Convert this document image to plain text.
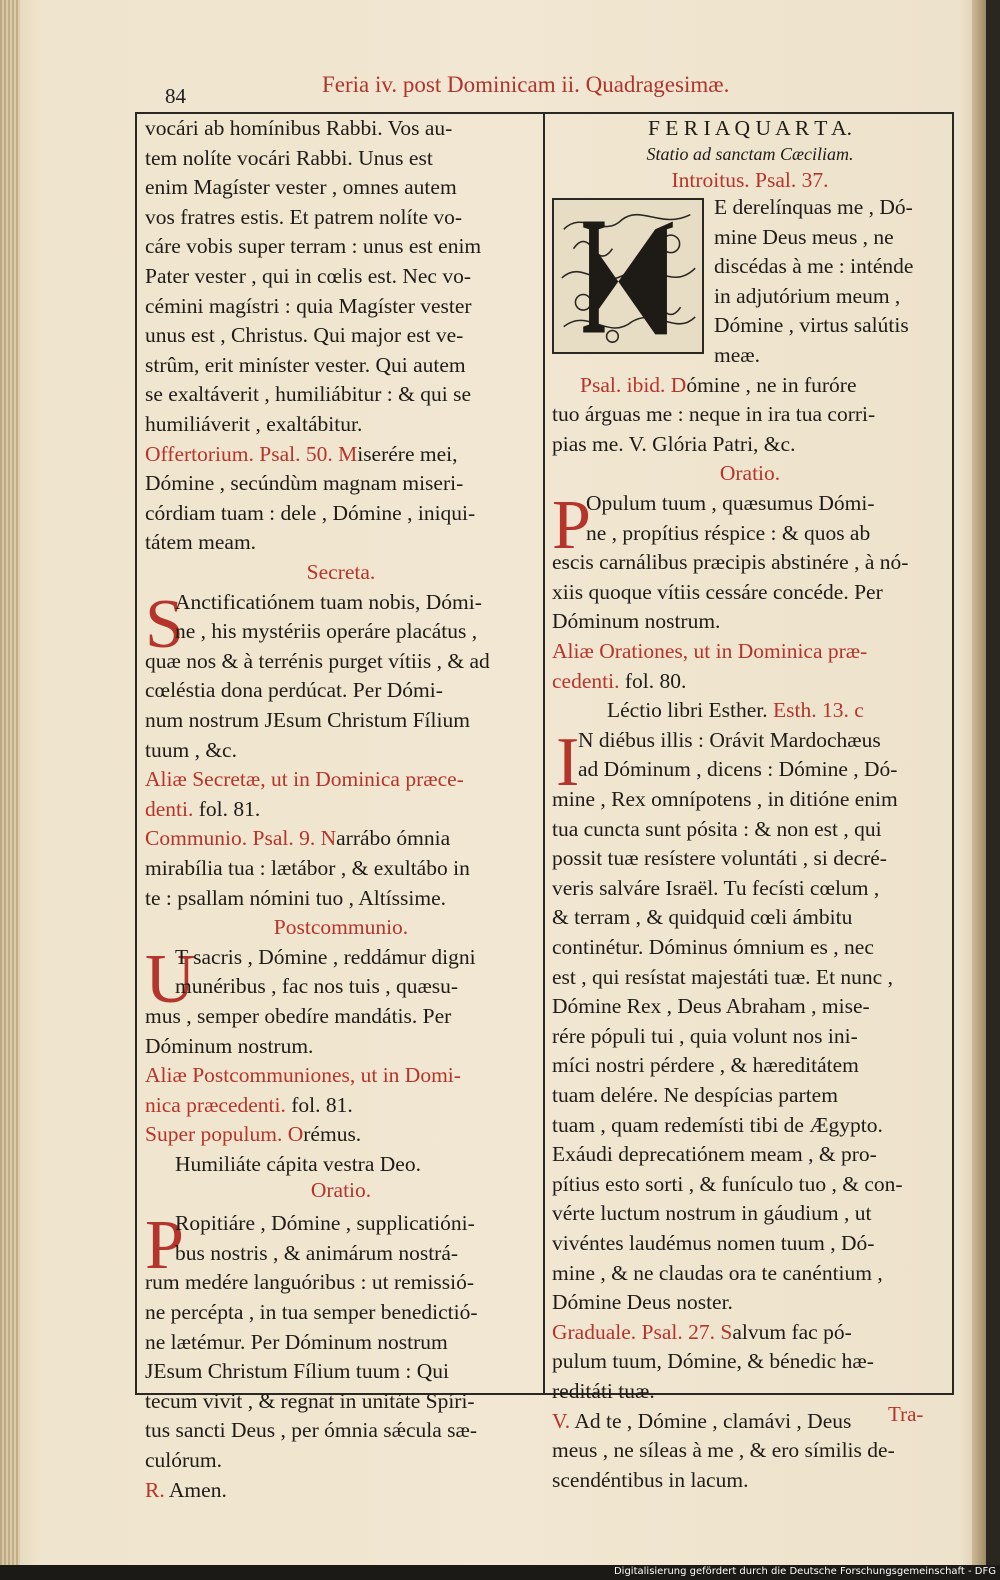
84	Feria iv. post Dominicam ii. Quadragesimæ.
vocári ab homínibus Rabbi. Vos au-
tem nolíte vocári Rabbi. Unus est
enim Magíster vester , omnes autem
vos fratres estis. Et patrem nolíte vo-
cáre vobis super terram : unus est enim
Pater vester , qui in cœlis est. Nec vo-
cémini magístri : quia Magíster vester
unus est , Christus. Qui major est ve-
strûm, erit miníster vester. Qui autem
se exaltáverit , humiliábitur : & qui se
humiliáverit , exaltábitur.
Offertorium. Psal. 50. Miserére mei,
Dómine , secúndùm magnam miseri-
córdiam tuam : dele , Dómine , iniqui-
tátem meam.
Secreta.
S
Anctificatiónem tuam nobis, Dómi-
ne , his mystériis operáre placátus ,
quæ nos & à terrénis purget vítiis , & ad
cœléstia dona perdúcat. Per Dómi-
num nostrum JEsum Christum Fílium
tuum , &c.
Aliæ Secretæ, ut in Dominica præce-
denti. fol. 81.
Communio. Psal. 9. Narrábo ómnia
mirabília tua : lætábor , & exultábo in
te : psallam nómini tuo , Altíssime.
Postcommunio.
U
T sacris , Dómine , reddámur digni
munéribus , fac nos tuis , quæsu-
mus , semper obedíre mandátis. Per
Dóminum nostrum.
Aliæ Postcommuniones, ut in Domi-
nica præcedenti. fol. 81.
Super populum. Orémus.
Humiliáte cápita vestra Deo.
Oratio.
P
Ropitiáre , Dómine , supplicatióni-
bus nostris , & animárum nostrá-
rum medére languóribus : ut remissió-
ne percépta , in tua semper benedictió-
ne lætémur. Per Dóminum nostrum
JEsum Christum Fílium tuum : Qui
tecum vivit , & regnat in unitáte Spíri-
tus sancti Deus , per ómnia sǽcula sæ-
culórum.
R. Amen.
F E R I A Q U A R T A.
Statio ad sanctam Cæciliam.
Introitus. Psal. 37.
E derelínquas me , Dó-
mine Deus meus , ne
discédas à me : inténde
in adjutórium meum ,
Dómine , virtus salútis
meæ.
Psal. ibid. Dómine , ne in furóre
tuo árguas me : neque in ira tua corri-
pias me. V. Glória Patri, &c.
Oratio.
P
Opulum tuum , quæsumus Dómi-
ne , propítius réspice : & quos ab
escis carnálibus præcipis abstinére , à nó-
xiis quoque vítiis cessáre concéde. Per
Dóminum nostrum.
Aliæ Orationes, ut in Dominica præ-
cedenti. fol. 80.
Léctio libri Esther. Esth. 13. c
I
N diébus illis : Orávit Mardochæus
ad Dóminum , dicens : Dómine , Dó-
mine , Rex omnípotens , in ditióne enim
tua cuncta sunt pósita : & non est , qui
possit tuæ resístere voluntáti , si decré-
veris salváre Israël. Tu fecísti cœlum ,
& terram , & quidquid cœli ámbitu
continétur. Dóminus ómnium es , nec
est , qui resístat majestáti tuæ. Et nunc ,
Dómine Rex , Deus Abraham , mise-
rére pópuli tui , quia volunt nos ini-
míci nostri pérdere , & hæreditátem
tuam delére. Ne despícias partem
tuam , quam redemísti tibi de Ægypto.
Exáudi deprecatiónem meam , & pro-
pítius esto sorti , & funículo tuo , & con-
vérte luctum nostrum in gáudium , ut
vivéntes laudémus nomen tuum , Dó-
mine , & ne claudas ora te canéntium ,
Dómine Deus noster.
Graduale. Psal. 27. Salvum fac pó-
pulum tuum, Dómine, & bénedic hæ-
reditáti tuæ.
V. Ad te , Dómine , clamávi , Deus
meus , ne síleas à me , & ero símilis de-
scendéntibus in lacum.
Tra-
Digitalisierung gefördert durch die Deutsche Forschungsgemeinschaft - DFG
